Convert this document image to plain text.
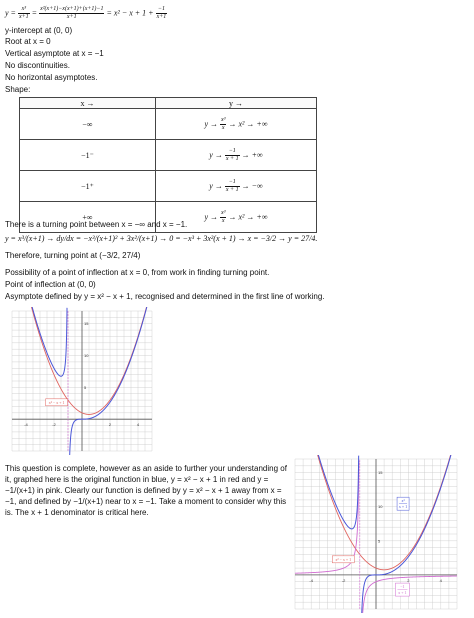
$y = \frac{\text{x³}}{x+1} = \frac{\text{x²(x+1)−x(x+1)+(x+1)−1}}{x+1} = x^2 - x + 1 + \frac{-1}{x+1}$
y-intercept at (0, 0)
Root at x = 0
Vertical asymptote at x = −1
No discontinuities.
No horizontal asymptotes.
Shape:
x →	y →
−∞	$y \to \frac{\text{x³}}{x} \to x^2$ → +∞
−1⁻	$y \to \frac{-1}{x + 1}$ → +∞
−1⁺	$y \to \frac{-1}{x + 1}$ → −∞
+∞	$y \to \frac{\text{x³}}{x} \to x^2$ → +∞
There is a turning point between x = −∞ and x = −1.
y = x³/(x+1) → dy/dx = −x³/(x+1)² + 3x²/(x+1) → 0 = −x³ + 3x²(x + 1) → x = −3/2 → y = 27/4.
Therefore, turning point at (−3/2, 27/4)
Possibility of a point of inflection at x = 0, from work in finding turning point.
Point of inflection at (0, 0)
Asymptote defined by y = x² − x + 1, recognised and determined in the first line of working.
-4	-2	2	4
15
10
5
x² − x + 1
This question is complete, however as an aside to further your understanding of it, graphed here is the original function in blue, y = x² − x + 1 in red and y = −1/(x+1) in pink. Clearly our function is defined by y = x² − x + 1 away from x = −1, and defined by −1/(x+1) near to x = −1. Take a moment to consider why this is. The x + 1 denominator is critical here.
-4	-2	2	4
15
10
5
x² − x + 1
x³
x + 1
−1
x + 1
